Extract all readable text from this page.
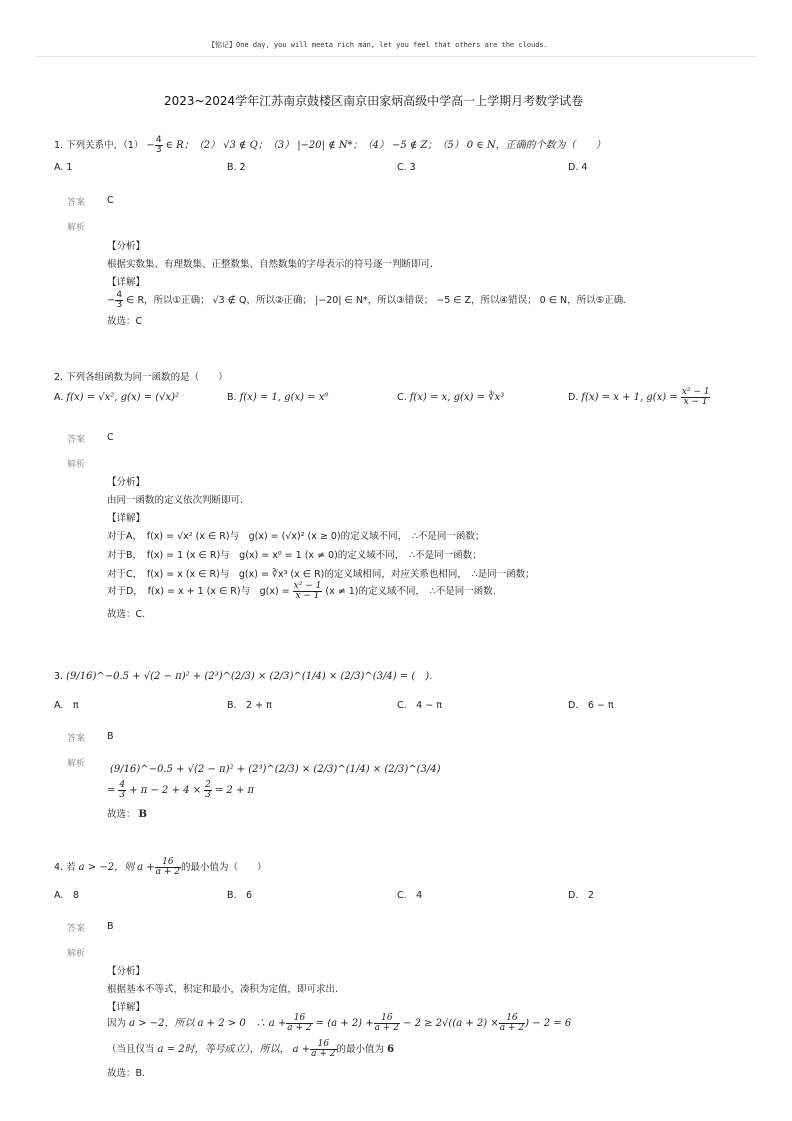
【铭记】One day, you will meeta rich man, let you feel that others are the clouds.
2023~2024学年江苏南京鼓楼区南京田家炳高级中学高一上学期月考数学试卷
1. 下列关系中，$(1) - \frac{4}{3}$ ∈ R；（2） √3 ∉ Q；（3） |−20| ∉ N*；（4） −5 ∉ Z；（5） 0 ∈ N，正确的个数为（　　）
A. 1	B. 2	C. 3	D. 4
答案 C
解析
【分析】
根据实数集、有理数集、正整数集、自然数集的字母表示的符号逐一判断即可.
【详解】
− $\frac{4}{3}$ ∈ R，所以①正确； √3 ∉ Q，所以②正确； |−20| ∈ N*，所以③错误； −5 ∈ Z，所以④错误； 0 ∈ N，所以⑤正确.
故选：C
2. 下列各组函数为同一函数的是（　　）
A. f(x) = √x², g(x) = (√x)²	B. f(x) = 1, g(x) = x⁰	C. f(x) = x, g(x) = ∛x³	D. f(x) = x + 1, $g(x) = \frac{\text{x² − 1}}{x - 1}$
答案 C
解析
【分析】
由同一函数的定义依次判断即可.
【详解】
对于A，　f(x) = √x² (x ∈ R)与　g(x) = (√x)² (x ≥ 0)的定义域不同，　∴不是同一函数；
对于B，　f(x) = 1 (x ∈ R)与　g(x) = x⁰ = 1 (x ≠ 0)的定义域不同，　∴不是同一函数；
对于C，　f(x) = x (x ∈ R)与　g(x) = ∛x³ (x ∈ R)的定义域相同，对应关系也相同，　∴是同一函数；
对于D，　f(x) = x + 1 (x ∈ R)与　$g(x) = \frac{\text{x² − 1}}{x - 1} (x \ne 1)$的定义域不同，　∴不是同一函数.
故选：C.
3. (9/16)^−0.5 + √(2 − π)² + (2³)^(2/3) × (2/3)^(1/4) × (2/3)^(3/4) = (　).
A.　π	B.　2 + π	C.　4 − π	D.　6 − π
答案 B
解析 (9/16)^−0.5 + √(2 − π)² + (2³)^(2/3) × (2/3)^(1/4) × (2/3)^(3/4)
= $\frac{4}{3} + \pi - 2 + 4 \times \frac{2}{3} = 2 + \pi$
故选： B
4. 若 a > −2，则 $a + \frac{16}{a + 2}$ 的最小值为（　　）
A.　8	B.　6	C.　4	D.　2
答案 B
解析
【分析】
根据基本不等式，积定和最小，凑积为定值，即可求出.
【详解】
因为 a > −2，所以 a + 2 > 0　∴ $a + \frac{16}{a + 2} = (a + 2) + \frac{16}{a + 2} - 2 \ge 2√((a + 2) \times \frac{16}{a + 2}$ ) − 2 = 6
（当且仅当 a = 2时，等号成立），所以， $a + \frac{16}{a + 2}$ 的最小值为 6
故选：B.
